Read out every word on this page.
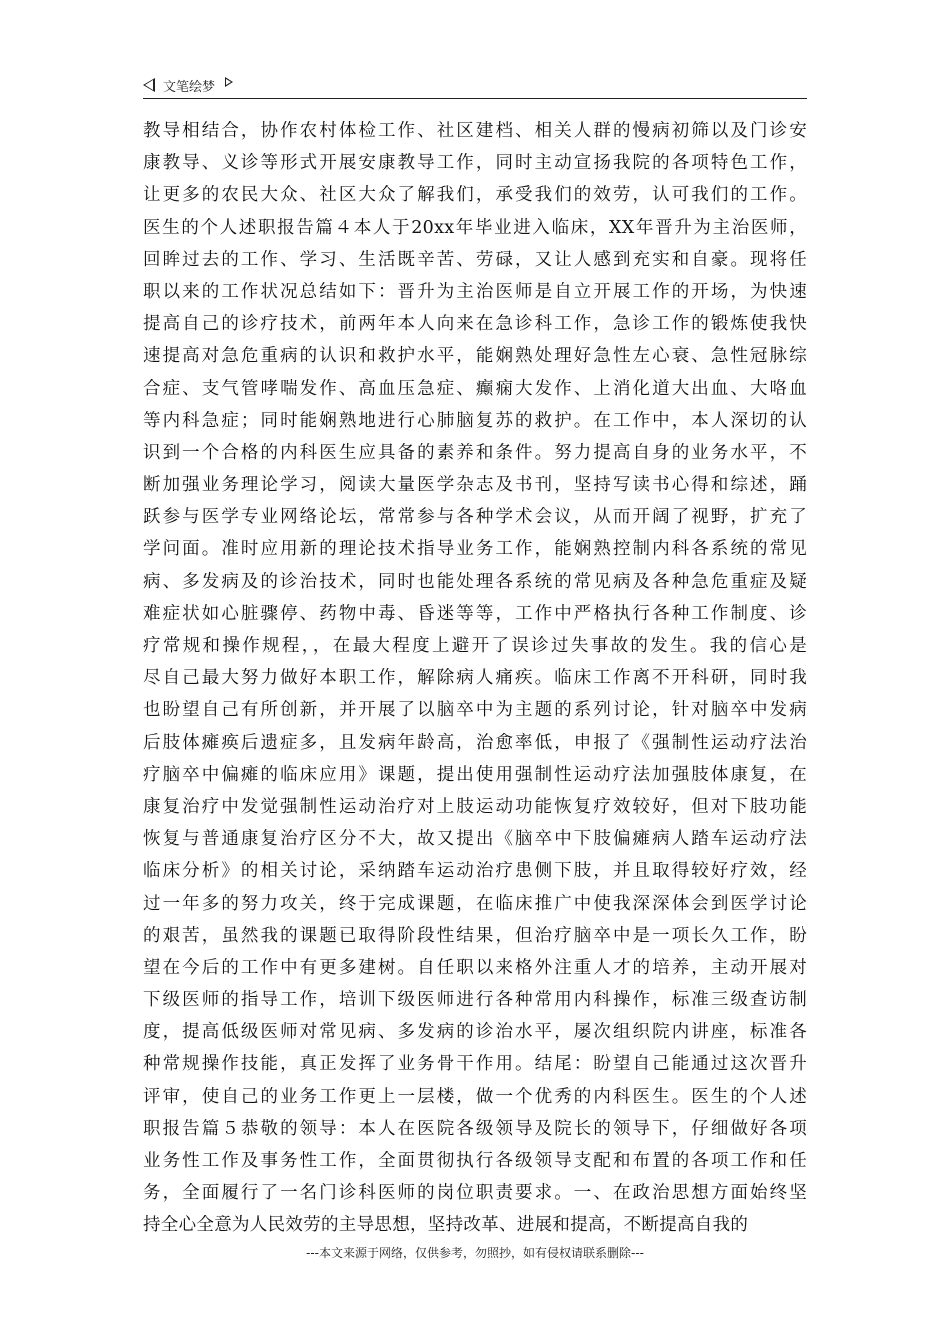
文笔绘梦
教导相结合，协作农村体检工作、社区建档、相关人群的慢病初筛以及门诊安
康教导、义诊等形式开展安康教导工作，同时主动宣扬我院的各项特色工作，
让更多的农民大众、社区大众了解我们，承受我们的效劳，认可我们的工作。
医生的个人述职报告篇４本人于20xx年毕业进入临床，XX年晋升为主治医师，
回眸过去的工作、学习、生活既辛苦、劳碌，又让人感到充实和自豪。现将任
职以来的工作状况总结如下：晋升为主治医师是自立开展工作的开场，为快速
提高自己的诊疗技术，前两年本人向来在急诊科工作，急诊工作的锻炼使我快
速提高对急危重病的认识和救护水平，能娴熟处理好急性左心衰、急性冠脉综
合症、支气管哮喘发作、高血压急症、癫痫大发作、上消化道大出血、大咯血
等内科急症；同时能娴熟地进行心肺脑复苏的救护。在工作中，本人深切的认
识到一个合格的内科医生应具备的素养和条件。努力提高自身的业务水平，不
断加强业务理论学习，阅读大量医学杂志及书刊，坚持写读书心得和综述，踊
跃参与医学专业网络论坛，常常参与各种学术会议，从而开阔了视野，扩充了
学问面。准时应用新的理论技术指导业务工作，能娴熟控制内科各系统的常见
病、多发病及的诊治技术，同时也能处理各系统的常见病及各种急危重症及疑
难症状如心脏骤停、药物中毒、昏迷等等，工作中严格执行各种工作制度、诊
疗常规和操作规程，，在最大程度上避开了误诊过失事故的发生。我的信心是
尽自己最大努力做好本职工作，解除病人痛疾。临床工作离不开科研，同时我
也盼望自己有所创新，并开展了以脑卒中为主题的系列讨论，针对脑卒中发病
后肢体瘫痪后遗症多，且发病年龄高，治愈率低，申报了《强制性运动疗法治
疗脑卒中偏瘫的临床应用》课题，提出使用强制性运动疗法加强肢体康复，在
康复治疗中发觉强制性运动治疗对上肢运动功能恢复疗效较好，但对下肢功能
恢复与普通康复治疗区分不大，故又提出《脑卒中下肢偏瘫病人踏车运动疗法
临床分析》的相关讨论，采纳踏车运动治疗患侧下肢，并且取得较好疗效，经
过一年多的努力攻关，终于完成课题，在临床推广中使我深深体会到医学讨论
的艰苦，虽然我的课题已取得阶段性结果，但治疗脑卒中是一项长久工作，盼
望在今后的工作中有更多建树。自任职以来格外注重人才的培养，主动开展对
下级医师的指导工作，培训下级医师进行各种常用内科操作，标准三级查访制
度，提高低级医师对常见病、多发病的诊治水平，屡次组织院内讲座，标准各
种常规操作技能，真正发挥了业务骨干作用。结尾：盼望自己能通过这次晋升
评审，使自己的业务工作更上一层楼，做一个优秀的内科医生。医生的个人述
职报告篇５恭敬的领导：本人在医院各级领导及院长的领导下，仔细做好各项
业务性工作及事务性工作，全面贯彻执行各级领导支配和布置的各项工作和任
务，全面履行了一名门诊科医师的岗位职责要求。一、在政治思想方面始终坚
持全心全意为人民效劳的主导思想，坚持改革、进展和提高，不断提高自我的
---本文来源于网络，仅供参考，勿照抄，如有侵权请联系删除---
